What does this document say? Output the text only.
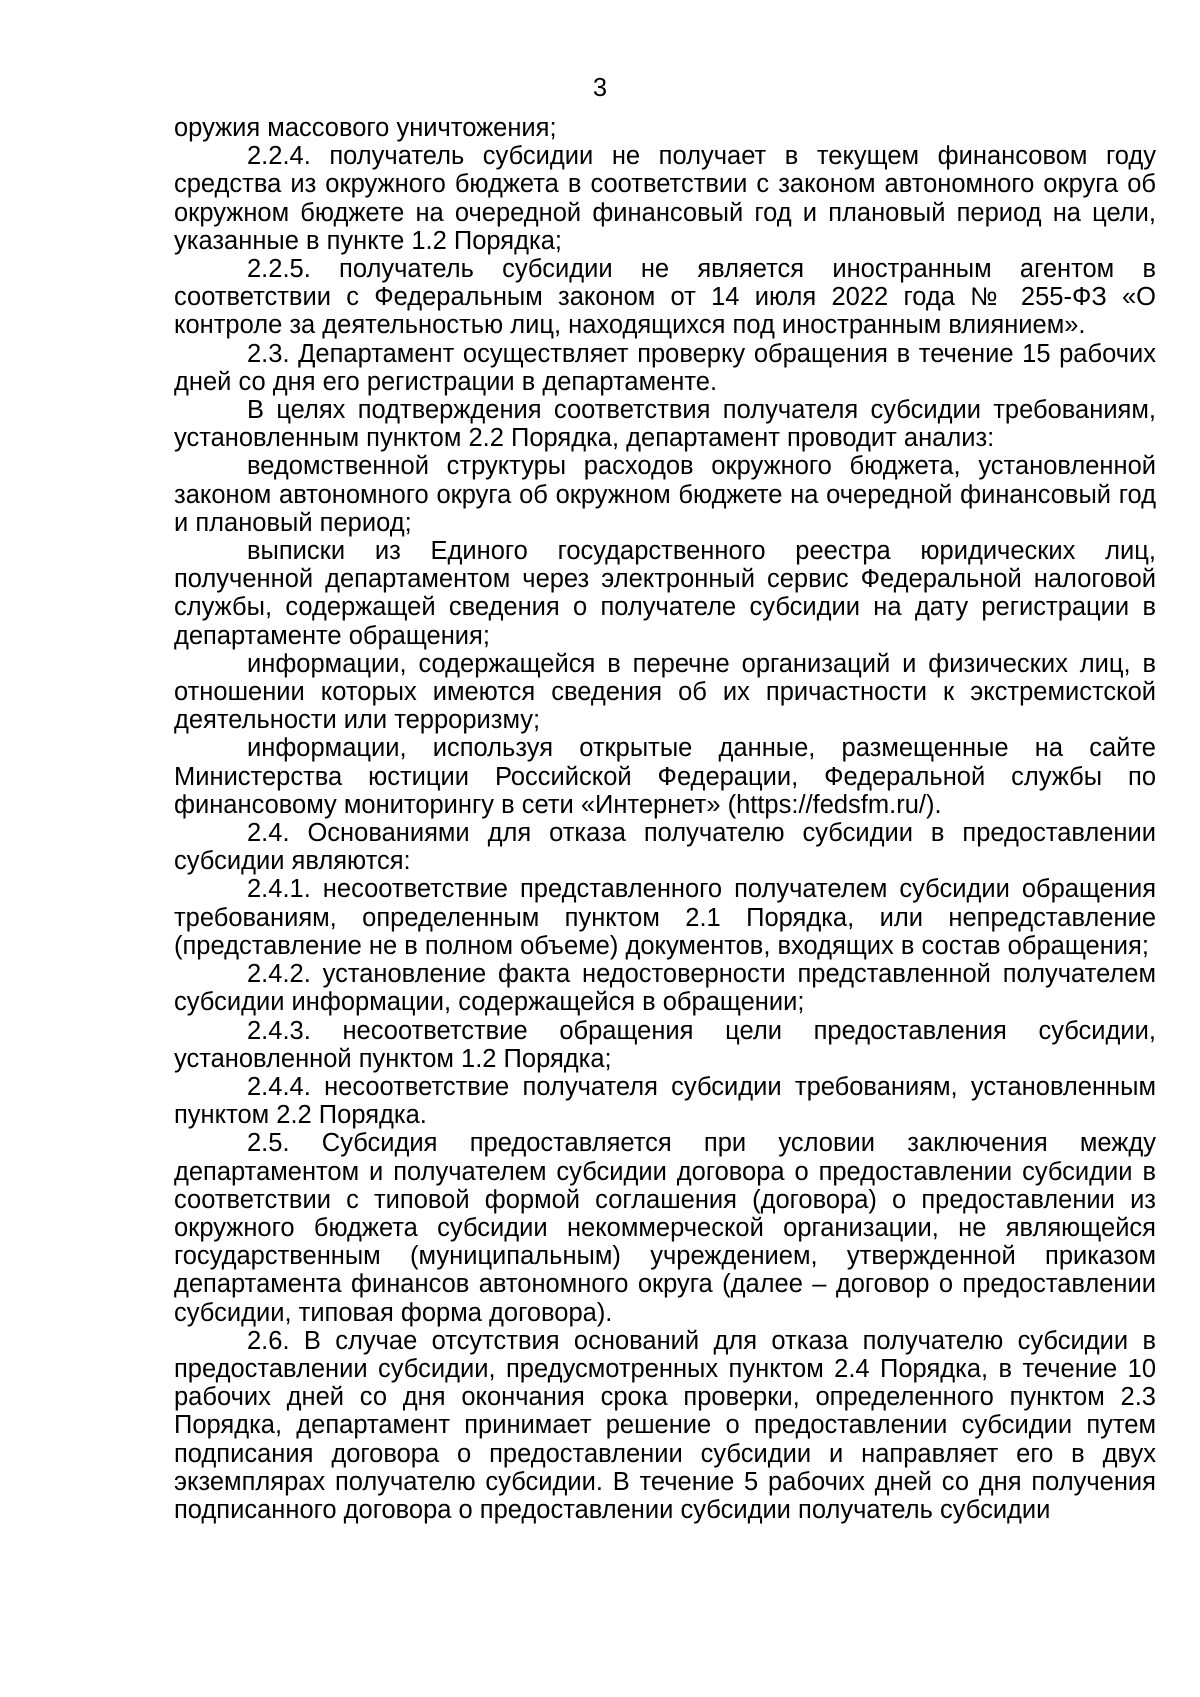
3

оружия массового уничтожения;

2.2.4. получатель субсидии не получает в текущем финансовом году средства из окружного бюджета в соответствии с законом автономного округа об окружном бюджете на очередной финансовый год и плановый период на цели, указанные в пункте 1.2 Порядка;

2.2.5. получатель субсидии не является иностранным агентом в соответствии с Федеральным законом от 14 июля 2022 года № 255-ФЗ «О контроле за деятельностью лиц, находящихся под иностранным влиянием».

2.3. Департамент осуществляет проверку обращения в течение 15 рабочих дней со дня его регистрации в департаменте.

В целях подтверждения соответствия получателя субсидии требованиям, установленным пунктом 2.2 Порядка, департамент проводит анализ:

ведомственной структуры расходов окружного бюджета, установленной законом автономного округа об окружном бюджете на очередной финансовый год и плановый период;

выписки из Единого государственного реестра юридических лиц, полученной департаментом через электронный сервис Федеральной налоговой службы, содержащей сведения о получателе субсидии на дату регистрации в департаменте обращения;

информации, содержащейся в перечне организаций и физических лиц, в отношении которых имеются сведения об их причастности к экстремистской деятельности или терроризму;

информации, используя открытые данные, размещенные на сайте Министерства юстиции Российской Федерации, Федеральной службы по финансовому мониторингу в сети «Интернет» (https://fedsfm.ru/).

2.4. Основаниями для отказа получателю субсидии в предоставлении субсидии являются:

2.4.1. несоответствие представленного получателем субсидии обращения требованиям, определенным пунктом 2.1 Порядка, или непредставление (представление не в полном объеме) документов, входящих в состав обращения;

2.4.2. установление факта недостоверности представленной получателем субсидии информации, содержащейся в обращении;

2.4.3. несоответствие обращения цели предоставления субсидии, установленной пунктом 1.2 Порядка;

2.4.4. несоответствие получателя субсидии требованиям, установленным пунктом 2.2 Порядка.

2.5. Субсидия предоставляется при условии заключения между департаментом и получателем субсидии договора о предоставлении субсидии в соответствии с типовой формой соглашения (договора) о предоставлении из окружного бюджета субсидии некоммерческой организации, не являющейся государственным (муниципальным) учреждением, утвержденной приказом департамента финансов автономного округа (далее – договор о предоставлении субсидии, типовая форма договора).

2.6. В случае отсутствия оснований для отказа получателю субсидии в предоставлении субсидии, предусмотренных пунктом 2.4 Порядка, в течение 10 рабочих дней со дня окончания срока проверки, определенного пунктом 2.3 Порядка, департамент принимает решение о предоставлении субсидии путем подписания договора о предоставлении субсидии и направляет его в двух экземплярах получателю субсидии. В течение 5 рабочих дней со дня получения подписанного договора о предоставлении субсидии получатель субсидии
